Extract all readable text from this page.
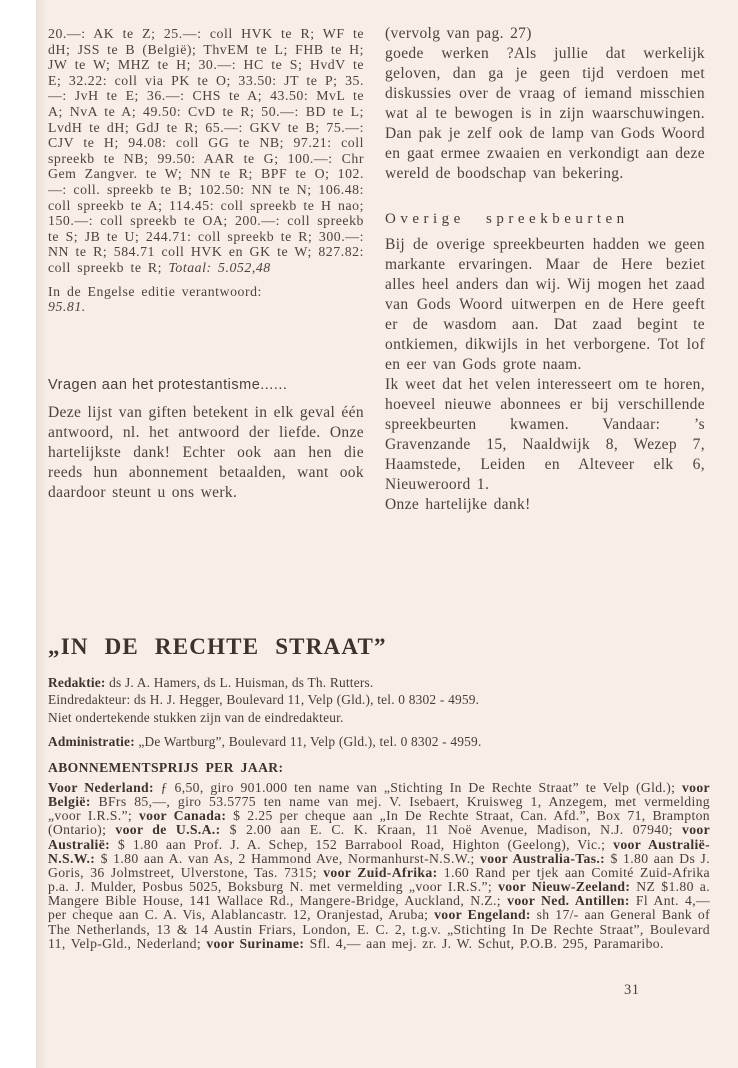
20.—: AK te Z; 25.—: coll HVK te R; WF te dH; JSS te B (België); ThvEM te L; FHB te H; JW te W; MHZ te H; 30.—: HC te S; HvdV te E; 32.22: coll via PK te O; 33.50: JT te P; 35.—: JvH te E; 36.—: CHS te A; 43.50: MvL te A; NvA te A; 49.50: CvD te R; 50.—: BD te L; LvdH te dH; GdJ te R; 65.—: GKV te B; 75.—: CJV te H; 94.08: coll GG te NB; 97.21: coll spreekb te NB; 99.50: AAR te G; 100.—: Chr Gem Zangver. te W; NN te R; BPF te O; 102.—: coll. spreekb te B; 102.50: NN te N; 106.48: coll spreekb te A; 114.45: coll spreekb te H nao; 150.—: coll spreekb te OA; 200.—: coll spreekb te S; JB te U; 244.71: coll spreekb te R; 300.—: NN te R; 584.71 coll HVK en GK te W; 827.82: coll spreekb te R; Totaal: 5.052,48

In de Engelse editie verantwoord:
95.81.

Vragen aan het protestantisme......

Deze lijst van giften betekent in elk geval één antwoord, nl. het antwoord der liefde. Onze hartelijkste dank! Echter ook aan hen die reeds hun abonnement betaalden, want ook daardoor steunt u ons werk.

(vervolg van pag. 27)

goede werken ?Als jullie dat werkelijk geloven, dan ga je geen tijd verdoen met diskussies over de vraag of iemand misschien wat al te bewogen is in zijn waarschuwingen. Dan pak je zelf ook de lamp van Gods Woord en gaat ermee zwaaien en verkondigt aan deze wereld de boodschap van bekering.

Overige spreekbeurten

Bij de overige spreekbeurten hadden we geen markante ervaringen. Maar de Here beziet alles heel anders dan wij. Wij mogen het zaad van Gods Woord uitwerpen en de Here geeft er de wasdom aan. Dat zaad begint te ontkiemen, dikwijls in het verborgene. Tot lof en eer van Gods grote naam.

Ik weet dat het velen interesseert om te horen, hoeveel nieuwe abonnees er bij verschillende spreekbeurten kwamen. Vandaar: ’s Gravenzande 15, Naaldwijk 8, Wezep 7, Haamstede, Leiden en Alteveer elk 6, Nieuweroord 1.

Onze hartelijke dank!

„IN DE RECHTE STRAAT”

Redaktie: ds J. A. Hamers, ds L. Huisman, ds Th. Rutters.
Eindredakteur: ds H. J. Hegger, Boulevard 11, Velp (Gld.), tel. 0 8302 - 4959.
Niet ondertekende stukken zijn van de eindredakteur.

Administratie: „De Wartburg”, Boulevard 11, Velp (Gld.), tel. 0 8302 - 4959.

ABONNEMENTSPRIJS PER JAAR:

Voor Nederland: ƒ 6,50, giro 901.000 ten name van „Stichting In De Rechte Straat” te Velp (Gld.); voor België: BFrs 85,—, giro 53.5775 ten name van mej. V. Isebaert, Kruisweg 1, Anzegem, met vermelding „voor I.R.S.”; voor Canada: $ 2.25 per cheque aan „In De Rechte Straat, Can. Afd.”, Box 71, Brampton (Ontario); voor de U.S.A.: $ 2.00 aan E. C. K. Kraan, 11 Noë Avenue, Madison, N.J. 07940; voor Australië: $ 1.80 aan Prof. J. A. Schep, 152 Barrabool Road, Highton (Geelong), Vic.; voor Australië-N.S.W.: $ 1.80 aan A. van As, 2 Hammond Ave, Normanhurst-N.S.W.; voor Australia-Tas.: $ 1.80 aan Ds J. Goris, 36 Jolmstreet, Ulverstone, Tas. 7315; voor Zuid-Afrika: 1.60 Rand per tjek aan Comité Zuid-Afrika p.a. J. Mulder, Posbus 5025, Boksburg N. met vermelding „voor I.R.S.”; voor Nieuw-Zeeland: NZ $1.80 a. Mangere Bible House, 141 Wallace Rd., Mangere-Bridge, Auckland, N.Z.; voor Ned. Antillen: Fl Ant. 4,— per cheque aan C. A. Vis, Alablancastr. 12, Oranjestad, Aruba; voor Engeland: sh 17/- aan General Bank of The Netherlands, 13 & 14 Austin Friars, London, E. C. 2, t.g.v. „Stichting In De Rechte Straat”, Boulevard 11, Velp-Gld., Nederland; voor Suriname: Sfl. 4,— aan mej. zr. J. W. Schut, P.O.B. 295, Paramaribo.

31
